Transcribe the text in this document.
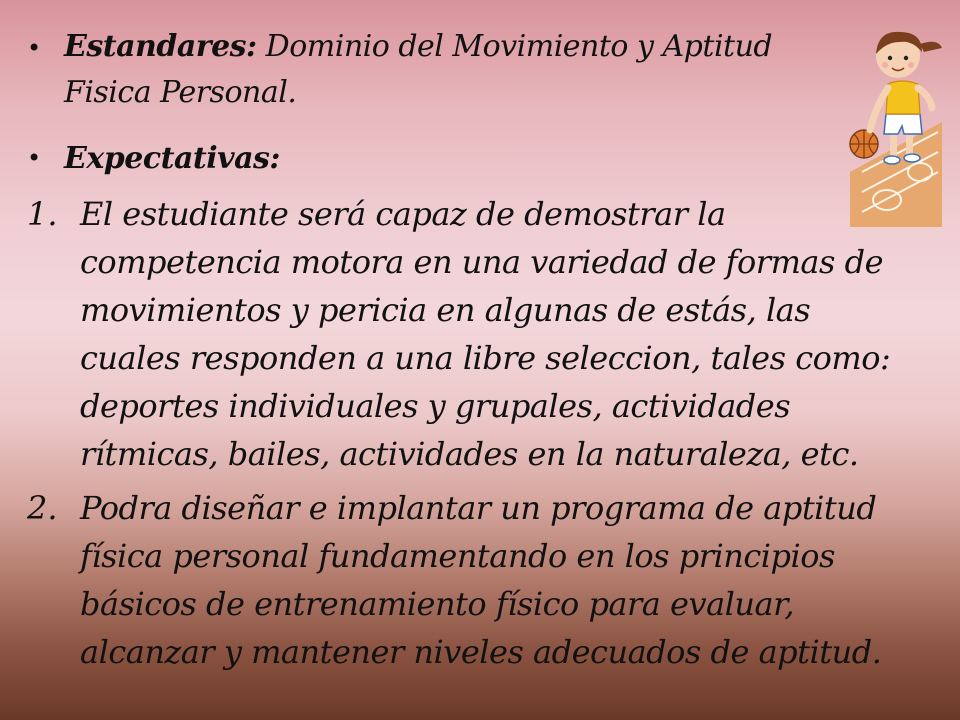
• Estandares: Dominio del Movimiento y Aptitud
Fisica Personal.
• Expectativas:
1. El estudiante será capaz de demostrar la
competencia motora en una variedad de formas de
movimientos y pericia en algunas de estás, las
cuales responden a una libre seleccion, tales como:
deportes individuales y grupales, actividades
rítmicas, bailes, actividades en la naturaleza, etc.
2. Podra diseñar e implantar un programa de aptitud
física personal fundamentando en los principios
básicos de entrenamiento físico para evaluar,
alcanzar y mantener niveles adecuados de aptitud.
